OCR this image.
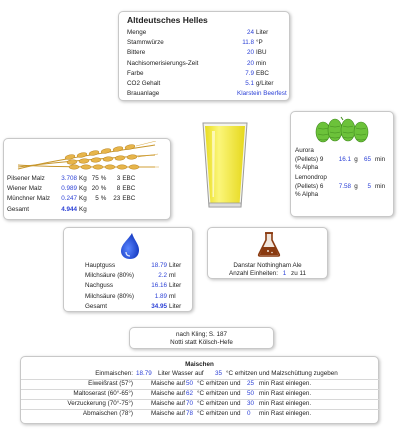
Altdeutsches Helles
Menge	24	Liter
Stammwürze	11.8	°P
Bittere	20	IBU
Nachisomerisierungs-Zeit	20	min
Farbe	7.9	EBC
CO2 Gehalt	5.1	g/Liter
Brauanlage	Klarstein Beerfest	
Pilsener Malz	3.708	Kg	75	%	3	EBC
Wiener Malz	0.989	Kg	20	%	8	EBC
Münchner Malz	0.247	Kg	5	%	23	EBC
Gesamt	4.944	Kg				
Aurora
(Pellets) 9	16.1 g 65 min
% Alpha
Lemondrop
(Pellets) 6	7.58 g	5 min
% Alpha
Hauptguss	18.79	Liter
Milchsäure (80%)	2.2	ml
Nachguss	16.16	Liter
Milchsäure (80%)	1.89	ml
Gesamt	34.95	Liter
Danstar Nothingham Ale
Anzahl Einheiten: 1 zu 11
nach Kling; S. 187
Notti statt Kölsch-Hefe
Maischen
Einmaischen: 18.79 Liter Wasser auf 35 °C erhitzen und Malzschüttung zugeben
Eiweißrast (57°)	Maische auf 50 °C erhitzen und 25 min Rast einlegen.
Maltoserast (60°-65°)	Maische auf 62 °C erhitzen und 50 min Rast einlegen.
Verzuckerung (70°-75°)	Maische auf 70 °C erhitzen und 30 min Rast einlegen.
Abmaischen (78°)	Maische auf 78 °C erhitzen und 0 min Rast einlegen.
